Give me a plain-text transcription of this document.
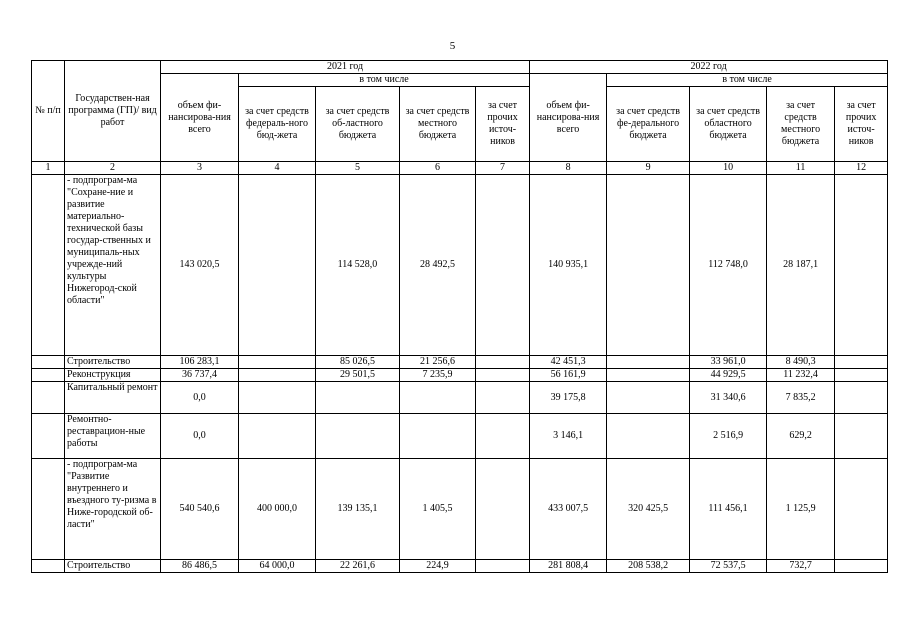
5
№ п/п	Государствен-ная программа (ГП)/ вид работ	2021 год					2022 год				
		объем фи-нансирова-ния всего	в том числе				объем фи-нансирова-ния всего	в том числе			
			за счет средств федераль-ного бюд-жета	за счет средств об-ластного бюджета	за счет средств местного бюджета	за счет прочих источ-ников		за счет средств фе-дерального бюджета	за счет средств областного бюджета	за счет средств местного бюджета	за счет прочих источ-ников
1	2	3	4	5	6	7	8	9	10	11	12
	- подпрограм-ма "Сохране-ние и развитие материально-технической базы государ-ственных и муниципаль-ных учрежде-ний культуры Нижегород-ской области"	143 020,5		114 528,0	28 492,5		140 935,1		112 748,0	28 187,1	
	Строительство	106 283,1		85 026,5	21 256,6		42 451,3		33 961,0	8 490,3	
	Реконструкция	36 737,4		29 501,5	7 235,9		56 161,9		44 929,5	11 232,4	
	Капитальный ремонт	0,0					39 175,8		31 340,6	7 835,2	
	Ремонтно-реставрацион-ные работы	0,0					3 146,1		2 516,9	629,2	
	- подпрограм-ма "Развитие внутреннего и въездного ту-ризма в Ниже-городской об-ласти"	540 540,6	400 000,0	139 135,1	1 405,5		433 007,5	320 425,5	111 456,1	1 125,9	
	Строительство	86 486,5	64 000,0	22 261,6	224,9		281 808,4	208 538,2	72 537,5	732,7	
